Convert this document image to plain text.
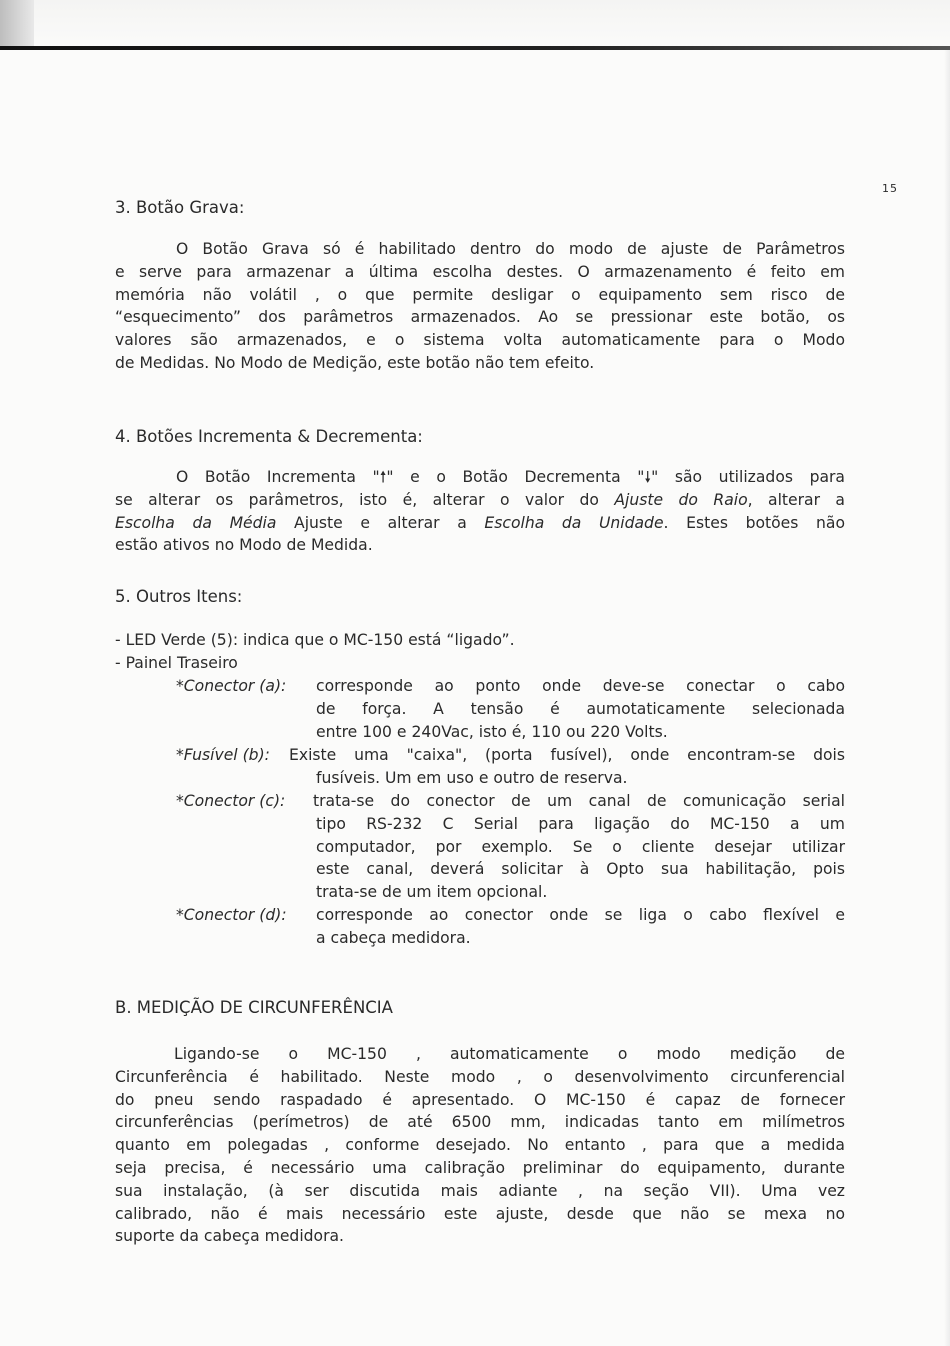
15
3. Botão Grava:
O Botão Grava só é habilitado dentro do modo de ajuste de Parâmetros
e serve para armazenar a última escolha destes. O armazenamento é feito em
memória não volátil , o que permite desligar o equipamento sem risco de
“esquecimento” dos parâmetros armazenados. Ao se pressionar este botão, os
valores são armazenados, e o sistema volta automaticamente para o Modo
de Medidas. No Modo de Medição, este botão não tem efeito.
4. Botões Incrementa & Decrementa:
O Botão Incrementa "🠕" e o Botão Decrementa "🠗" são utilizados para
se alterar os parâmetros, isto é, alterar o valor do Ajuste do Raio, alterar a
Escolha da Média Ajuste e alterar a Escolha da Unidade. Estes botões não
estão ativos no Modo de Medida.
5. Outros Itens:
- LED Verde (5): indica que o MC-150 está “ligado”.
- Painel Traseiro
*Conector (a): corresponde ao ponto onde deve-se conectar o cabo
de força. A tensão é aumotaticamente selecionada
entre 100 e 240Vac, isto é, 110 ou 220 Volts.
*Fusível (b): Existe uma "caixa", (porta fusível), onde encontram-se dois
fusíveis. Um em uso e outro de reserva.
*Conector (c): trata-se do conector de um canal de comunicação serial
tipo RS-232 C Serial para ligação do MC-150 a um
computador, por exemplo. Se o cliente desejar utilizar
este canal, deverá solicitar à Opto sua habilitação, pois
trata-se de um item opcional.
*Conector (d): corresponde ao conector onde se liga o cabo flexível e
a cabeça medidora.
B. MEDIÇÃO DE CIRCUNFERÊNCIA
Ligando-se o MC-150 , automaticamente o modo medição de
Circunferência é habilitado. Neste modo , o desenvolvimento circunferencial
do pneu sendo raspadado é apresentado. O MC-150 é capaz de fornecer
circunferências (perímetros) de até 6500 mm, indicadas tanto em milímetros
quanto em polegadas , conforme desejado. No entanto , para que a medida
seja precisa, é necessário uma calibração preliminar do equipamento, durante
sua instalação, (à ser discutida mais adiante , na seção VII). Uma vez
calibrado, não é mais necessário este ajuste, desde que não se mexa no
suporte da cabeça medidora.
